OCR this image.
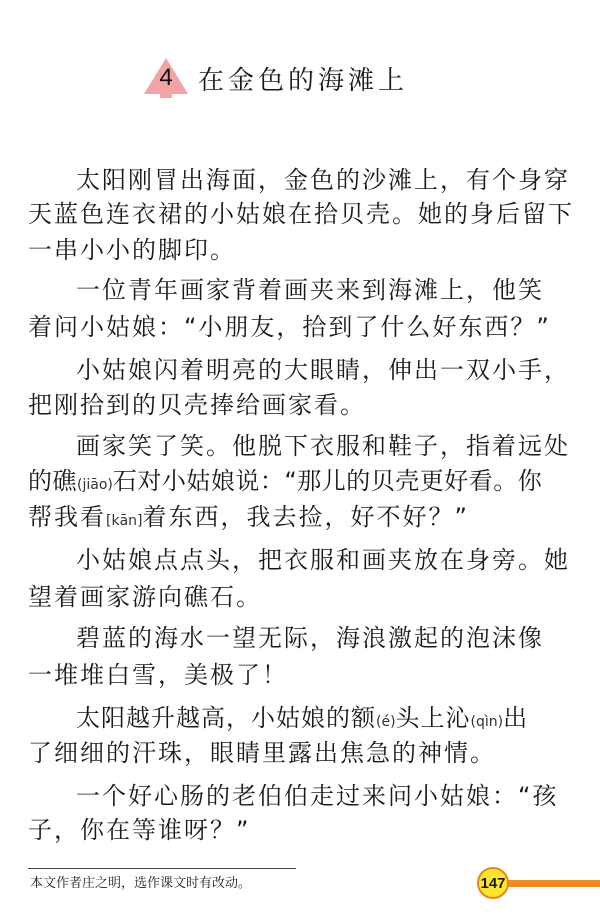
4 在金色的海滩上
太阳刚冒出海面，金色的沙滩上，有个身穿
天蓝色连衣裙的小姑娘在拾贝壳。她的身后留下
一串小小的脚印。
一位青年画家背着画夹来到海滩上，他笑
着问小姑娘：“小朋友，拾到了什么好东西？”
小姑娘闪着明亮的大眼睛，伸出一双小手，
把刚拾到的贝壳捧给画家看。
画家笑了笑。他脱下衣服和鞋子，指着远处
的礁(jiāo)石对小姑娘说：“那儿的贝壳更好看。你
帮我看[kān]着东西，我去捡，好不好？”
小姑娘点点头，把衣服和画夹放在身旁。她
望着画家游向礁石。
碧蓝的海水一望无际，海浪激起的泡沫像
一堆堆白雪，美极了！
太阳越升越高，小姑娘的额(é)头上沁(qìn)出
了细细的汗珠，眼睛里露出焦急的神情。
一个好心肠的老伯伯走过来问小姑娘：“孩
子，你在等谁呀？”
本文作者庄之明，选作课文时有改动。	147
